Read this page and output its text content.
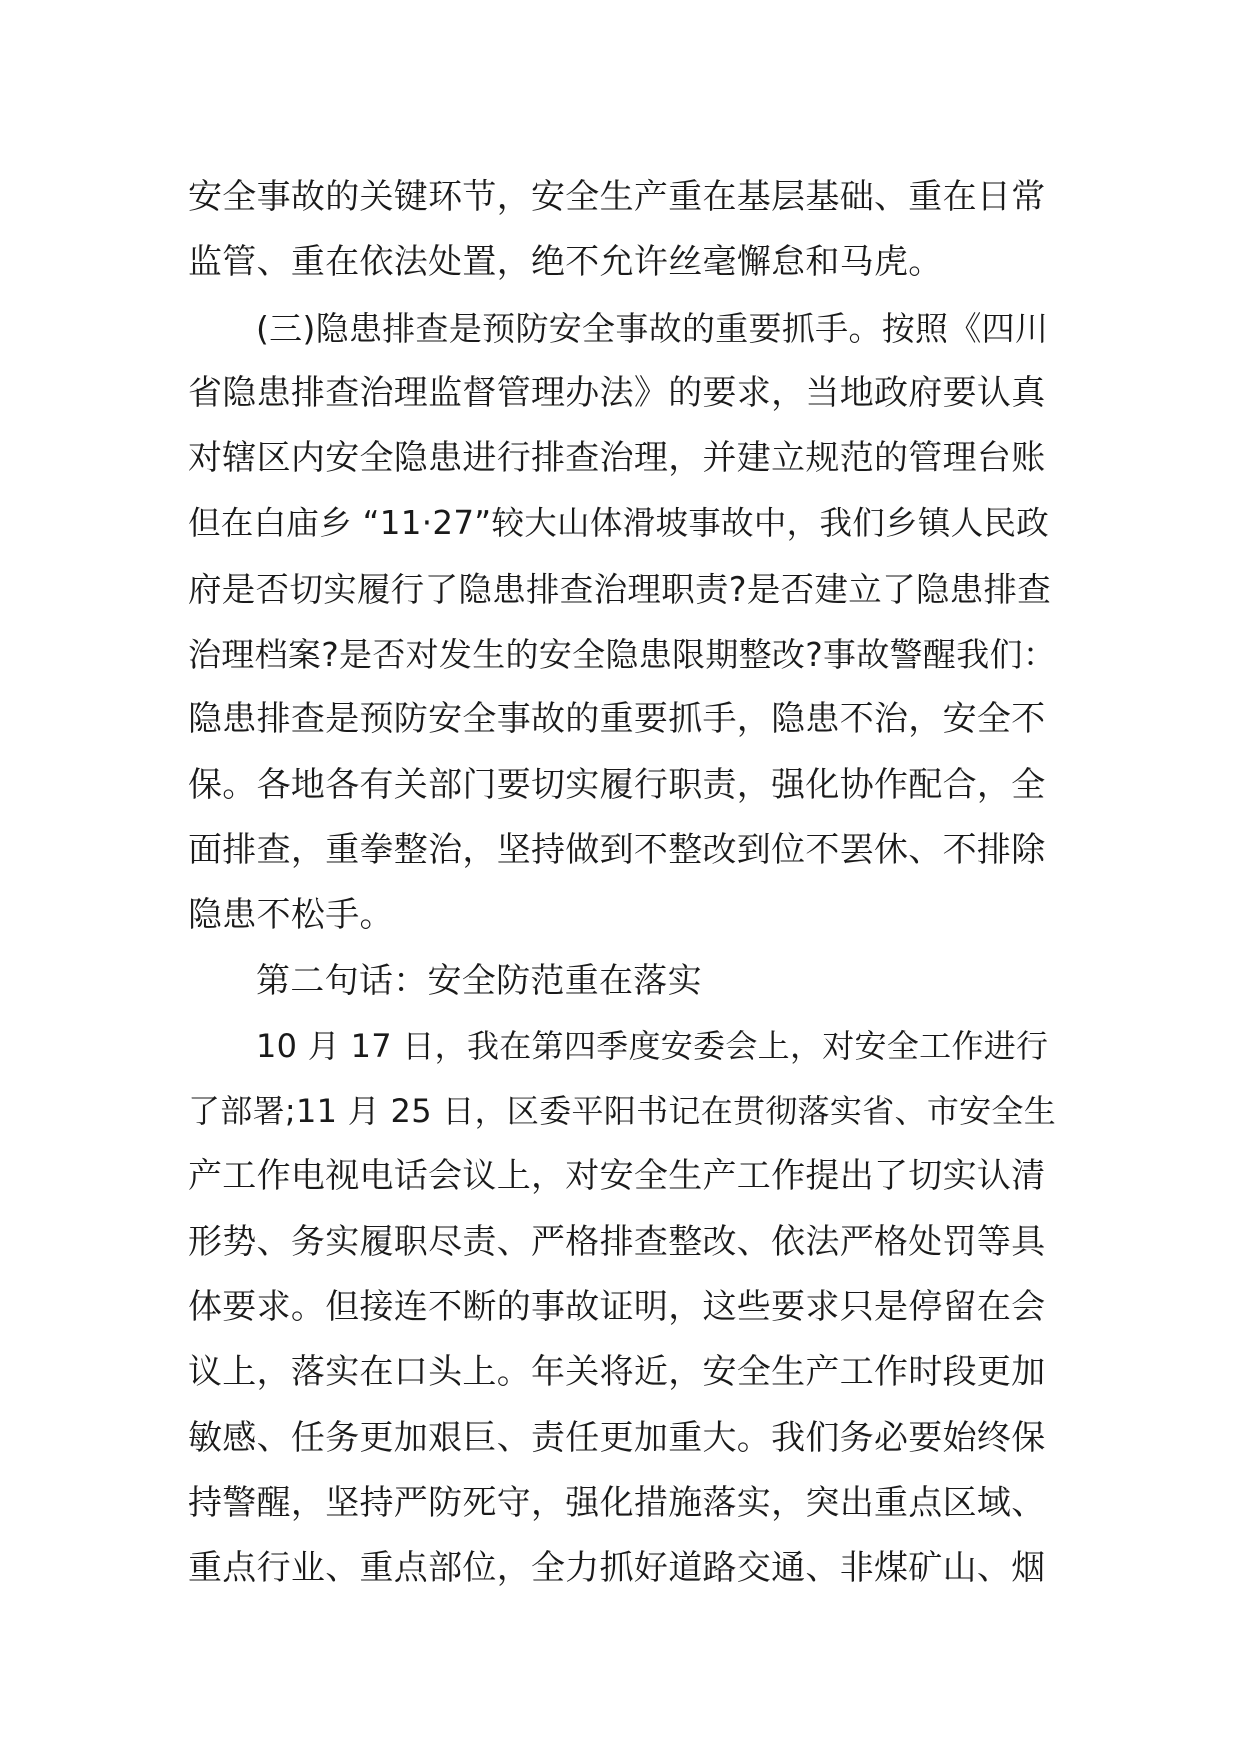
安全事故的关键环节，安全生产重在基层基础、重在日常
监管、重在依法处置，绝不允许丝毫懈怠和马虎。
(三)隐患排查是预防安全事故的重要抓手。按照《四川
省隐患排查治理监督管理办法》的要求，当地政府要认真
对辖区内安全隐患进行排查治理，并建立规范的管理台账
但在白庙乡 “11·27”较大山体滑坡事故中，我们乡镇人民政
府是否切实履行了隐患排查治理职责?是否建立了隐患排查
治理档案?是否对发生的安全隐患限期整改?事故警醒我们：
隐患排查是预防安全事故的重要抓手，隐患不治，安全不
保。各地各有关部门要切实履行职责，强化协作配合，全
面排查，重拳整治，坚持做到不整改到位不罢休、不排除
隐患不松手。
第二句话：安全防范重在落实
10 月 17 日，我在第四季度安委会上，对安全工作进行
了部署;11 月 25 日，区委平阳书记在贯彻落实省、市安全生
产工作电视电话会议上，对安全生产工作提出了切实认清
形势、务实履职尽责、严格排查整改、依法严格处罚等具
体要求。但接连不断的事故证明，这些要求只是停留在会
议上，落实在口头上。年关将近，安全生产工作时段更加
敏感、任务更加艰巨、责任更加重大。我们务必要始终保
持警醒，坚持严防死守，强化措施落实，突出重点区域、
重点行业、重点部位，全力抓好道路交通、非煤矿山、烟
